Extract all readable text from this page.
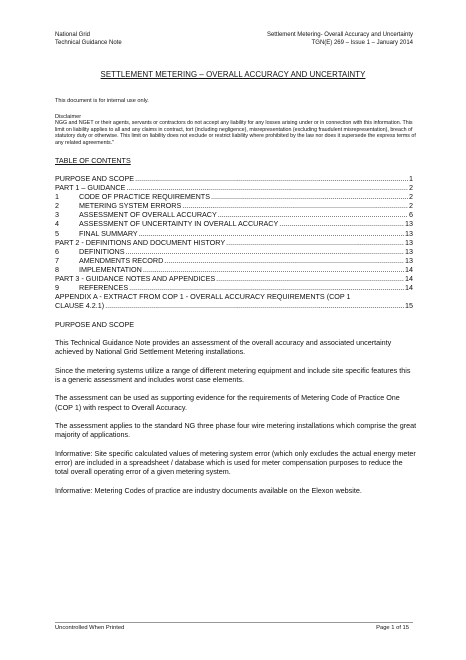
National Grid
Technical Guidance Note
Settlement Metering- Overall Accuracy and Uncertainty
TGN(E) 269 – Issue 1 – January 2014
SETTLEMENT METERING – OVERALL ACCURACY AND UNCERTAINTY
This document is for internal use only.
Disclaimer
NGG and NGET or their agents, servants or contractors do not accept any liability for any losses arising under or in connection with this information. This limit on liability applies to all and any claims in contract, tort (including negligence), misrepresentation (excluding fraudulent misrepresentation), breach of statutory duty or otherwise. This limit on liability does not exclude or restrict liability where prohibited by the law nor does it supersede the express terms of any related agreements."
TABLE OF CONTENTS
PURPOSE AND SCOPE .....	1
PART 1 – GUIDANCE .....	2
1	CODE OF PRACTICE REQUIREMENTS .....	2
2	METERING SYSTEM ERRORS .....	2
3	ASSESSMENT OF OVERALL ACCURACY .....	6
4	ASSESSMENT OF UNCERTAINTY IN OVERALL ACCURACY .....	13
5	FINAL SUMMARY .....	13
PART 2 - DEFINITIONS AND DOCUMENT HISTORY .....	13
6	DEFINITIONS .....	13
7	AMENDMENTS RECORD .....	13
8	IMPLEMENTATION .....	14
PART 3 - GUIDANCE NOTES AND APPENDICES .....	14
9	REFERENCES .....	14
APPENDIX A - EXTRACT FROM COP 1 - OVERALL ACCURACY REQUIREMENTS (COP 1
CLAUSE 4.2.1) .....	15
PURPOSE AND SCOPE

This Technical Guidance Note provides an assessment of the overall accuracy and associated uncertainty achieved by National Grid Settlement Metering installations.

Since the metering systems utilize a range of different metering equipment and include site specific features this is a generic assessment and includes worst case elements.

The assessment can be used as supporting evidence for the requirements of Metering Code of Practice One (COP 1) with respect to Overall Accuracy.

The assessment applies to the standard NG three phase four wire metering installations which comprise the great majority of applications.

Informative: Site specific calculated values of metering system error (which only excludes the actual energy meter error) are included in a spreadsheet / database which is used for meter compensation purposes to reduce the total overall operating error of a given metering system.

Informative: Metering Codes of practice are industry documents available on the Elexon website.

Uncontrolled When Printed	Page 1 of 15
